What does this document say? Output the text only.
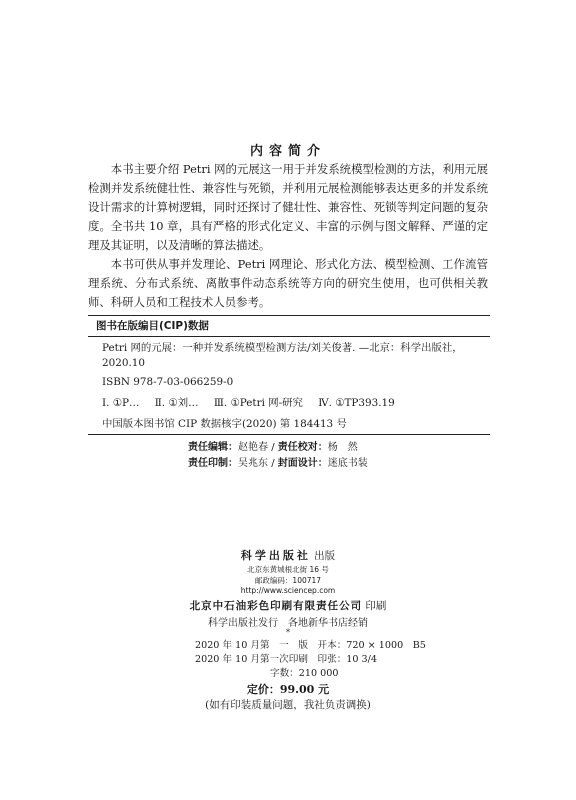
内容简介

本书主要介绍 Petri 网的元展这一用于并发系统模型检测的方法，利用元展检测并发系统健壮性、兼容性与死锁，并利用元展检测能够表达更多的并发系统设计需求的计算树逻辑，同时还探讨了健壮性、兼容性、死锁等判定问题的复杂度。全书共 10 章，具有严格的形式化定义、丰富的示例与图文解释、严谨的定理及其证明，以及清晰的算法描述。

本书可供从事并发理论、Petri 网理论、形式化方法、模型检测、工作流管理系统、分布式系统、离散事件动态系统等方向的研究生使用，也可供相关教师、科研人员和工程技术人员参考。

图书在版编目(CIP)数据
Petri 网的元展：一种并发系统模型检测方法/刘关俊著. —北京：科学出版社，2020.10
ISBN 978-7-03-066259-0
Ⅰ. ①P… Ⅱ. ①刘… Ⅲ. ①Petri 网-研究 Ⅳ. ①TP393.19
中国版本图书馆 CIP 数据核字(2020) 第 184413 号
责任编辑：赵艳春 / 责任校对：杨　然
责任印制：吴兆东 / 封面设计：迷底书装
科学出版社 出版
北京东黄城根北街 16 号
邮政编码：100717
http://www.sciencep.com
北京中石油彩色印刷有限责任公司 印刷
科学出版社发行　各地新华书店经销
*
2020 年 10 月第　一　版　开本：720 × 1000　B5
2020 年 10 月第一次印刷　印张：10 3/4
字数：210 000
定价：99.00 元
(如有印装质量问题，我社负责调换)
